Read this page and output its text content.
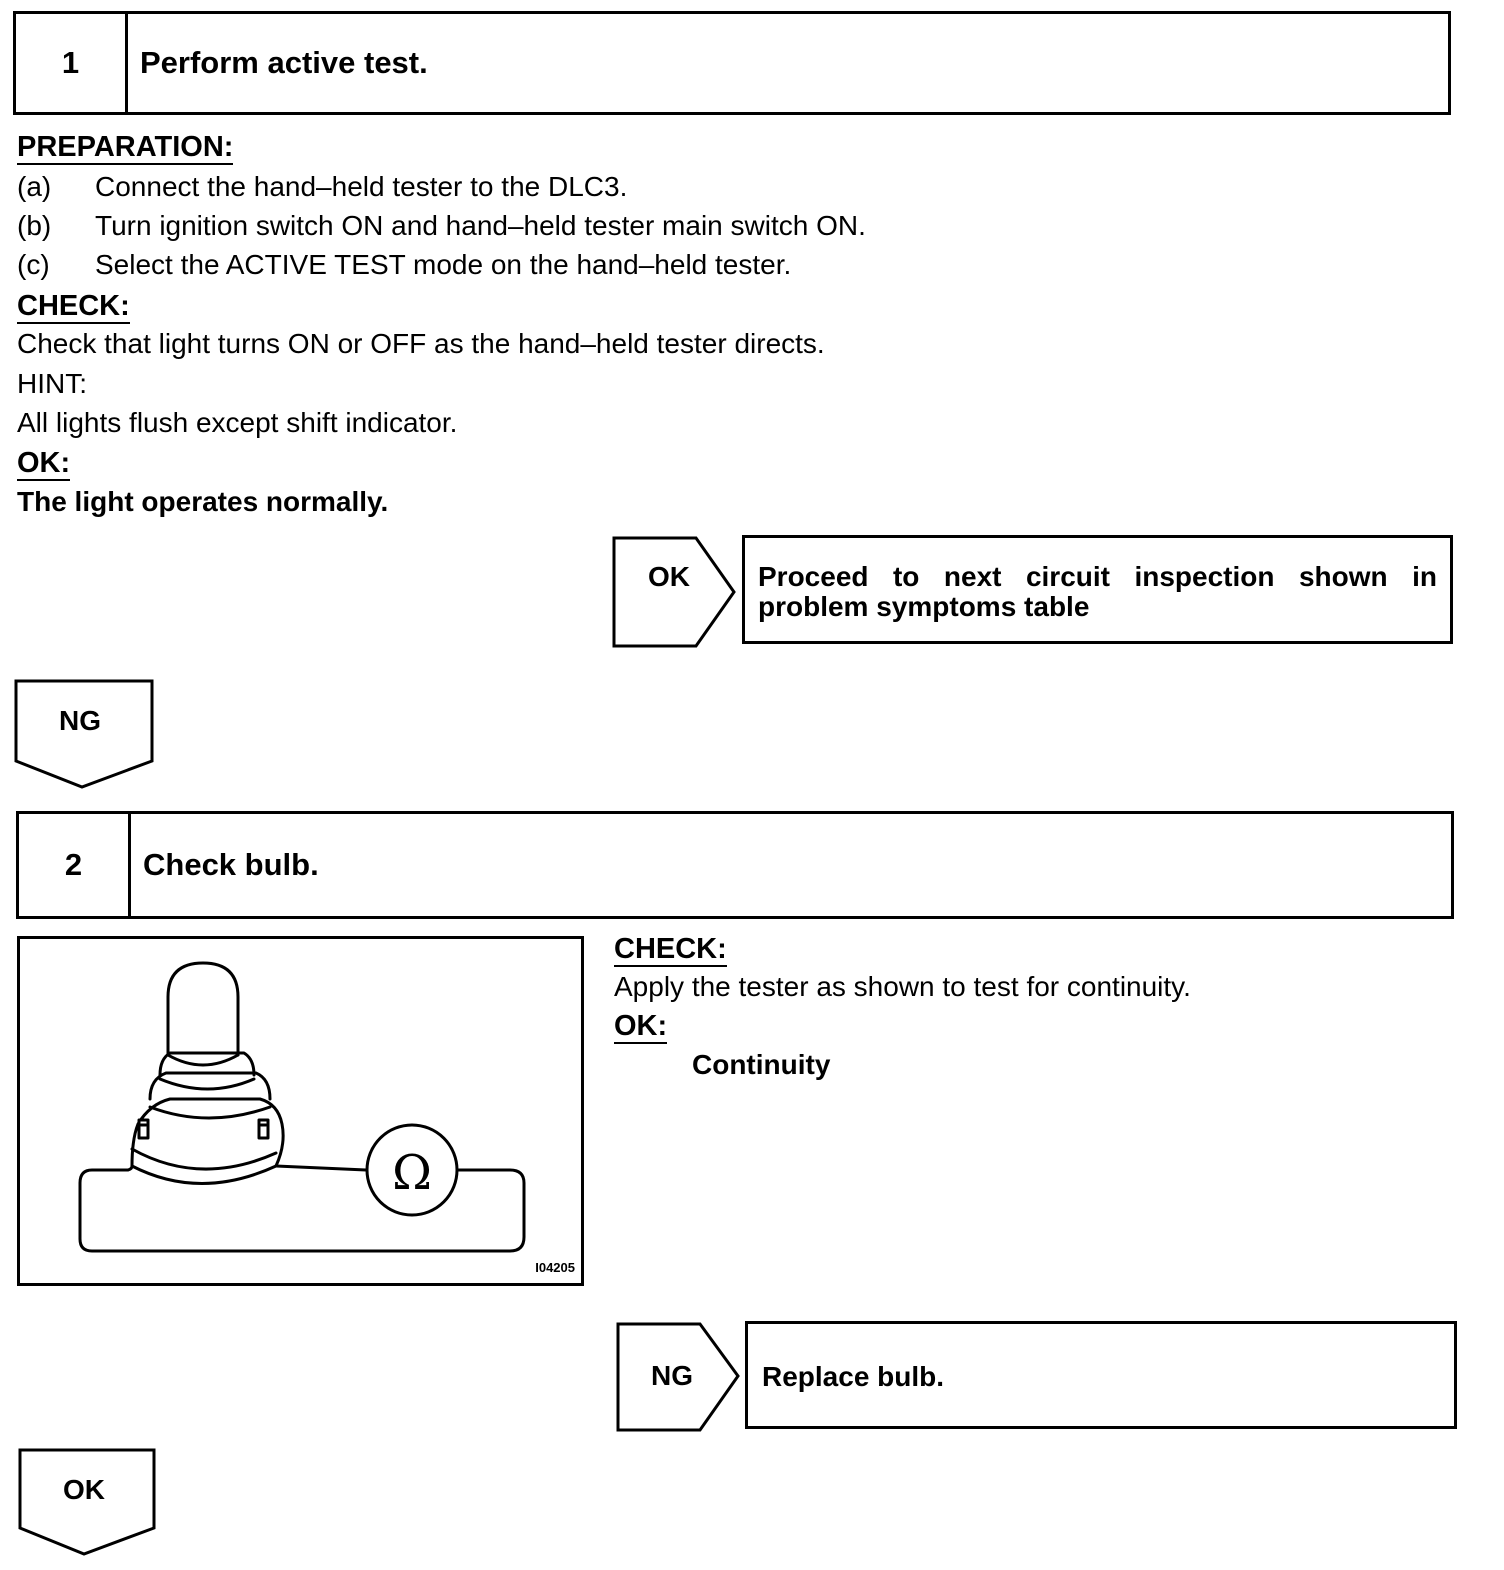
1	Perform active test.
PREPARATION:
(a) Connect the hand–held tester to the DLC3.
(b) Turn ignition switch ON and hand–held tester main switch ON.
(c) Select the ACTIVE TEST mode on the hand–held tester.
CHECK:
Check that light turns ON or OFF as the hand–held tester directs.
HINT:
All lights flush except shift indicator.
OK:
The light operates normally.
OK	Proceed to next circuit inspection shown in problem symptoms table
NG
2	Check bulb.
Ω
I04205
CHECK:
Apply the tester as shown to test for continuity.
OK:
Continuity
NG	Replace bulb.
OK
